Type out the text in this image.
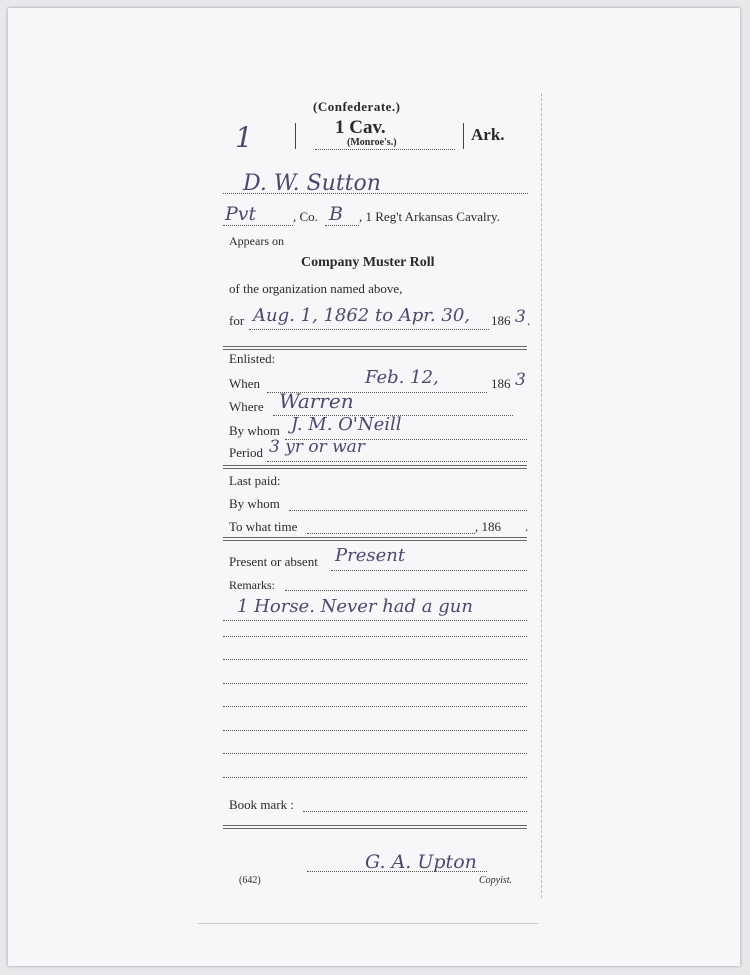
(Confederate.)
1	1 Cav.
(Monroe's.)	Ark.
D. W. Sutton
Pvt	, Co. B , 1 Reg't Arkansas Cavalry.
Appears on
Company Muster Roll
of the organization named above,
for Aug. 1, 1862 to Apr. 30, 186 3 .
Enlisted:
When	Feb. 12,	186 3
Where Warren
By whom J. M. O'Neill
Period 3 yr or war
Last paid:
By whom
To what time	, 186 .
Present or absent Present
Remarks:
1 Horse. Never had a gun
Book mark :
G. A. Upton
Copyist.
(642)
